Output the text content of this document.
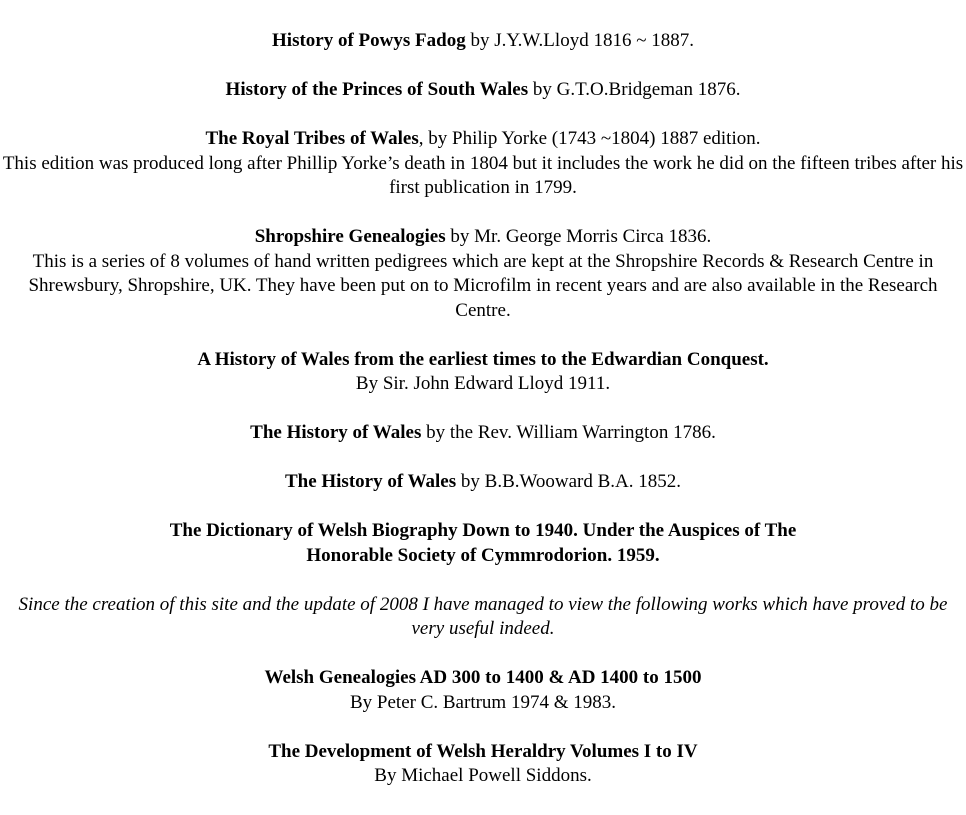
History of Powys Fadog by J.Y.W.Lloyd 1816 ~ 1887.
History of the Princes of South Wales by G.T.O.Bridgeman 1876.
The Royal Tribes of Wales, by Philip Yorke (1743 ~1804) 1887 edition.
This edition was produced long after Phillip Yorke’s death in 1804 but it includes the work he did on the fifteen tribes after his first publication in 1799.
Shropshire Genealogies by Mr. George Morris Circa 1836.
This is a series of 8 volumes of hand written pedigrees which are kept at the Shropshire Records & Research Centre in Shrewsbury, Shropshire, UK. They have been put on to Microfilm in recent years and are also available in the Research Centre.
A History of Wales from the earliest times to the Edwardian Conquest.
By Sir. John Edward Lloyd 1911.
The History of Wales by the Rev. William Warrington 1786.
The History of Wales by B.B.Wooward B.A. 1852.
The Dictionary of Welsh Biography Down to 1940. Under the Auspices of The
Honorable Society of Cymmrodorion. 1959.
Since the creation of this site and the update of 2008 I have managed to view the following works which have proved to be very useful indeed.
Welsh Genealogies AD 300 to 1400 & AD 1400 to 1500
By Peter C. Bartrum 1974 & 1983.
The Development of Welsh Heraldry Volumes I to IV
By Michael Powell Siddons.
